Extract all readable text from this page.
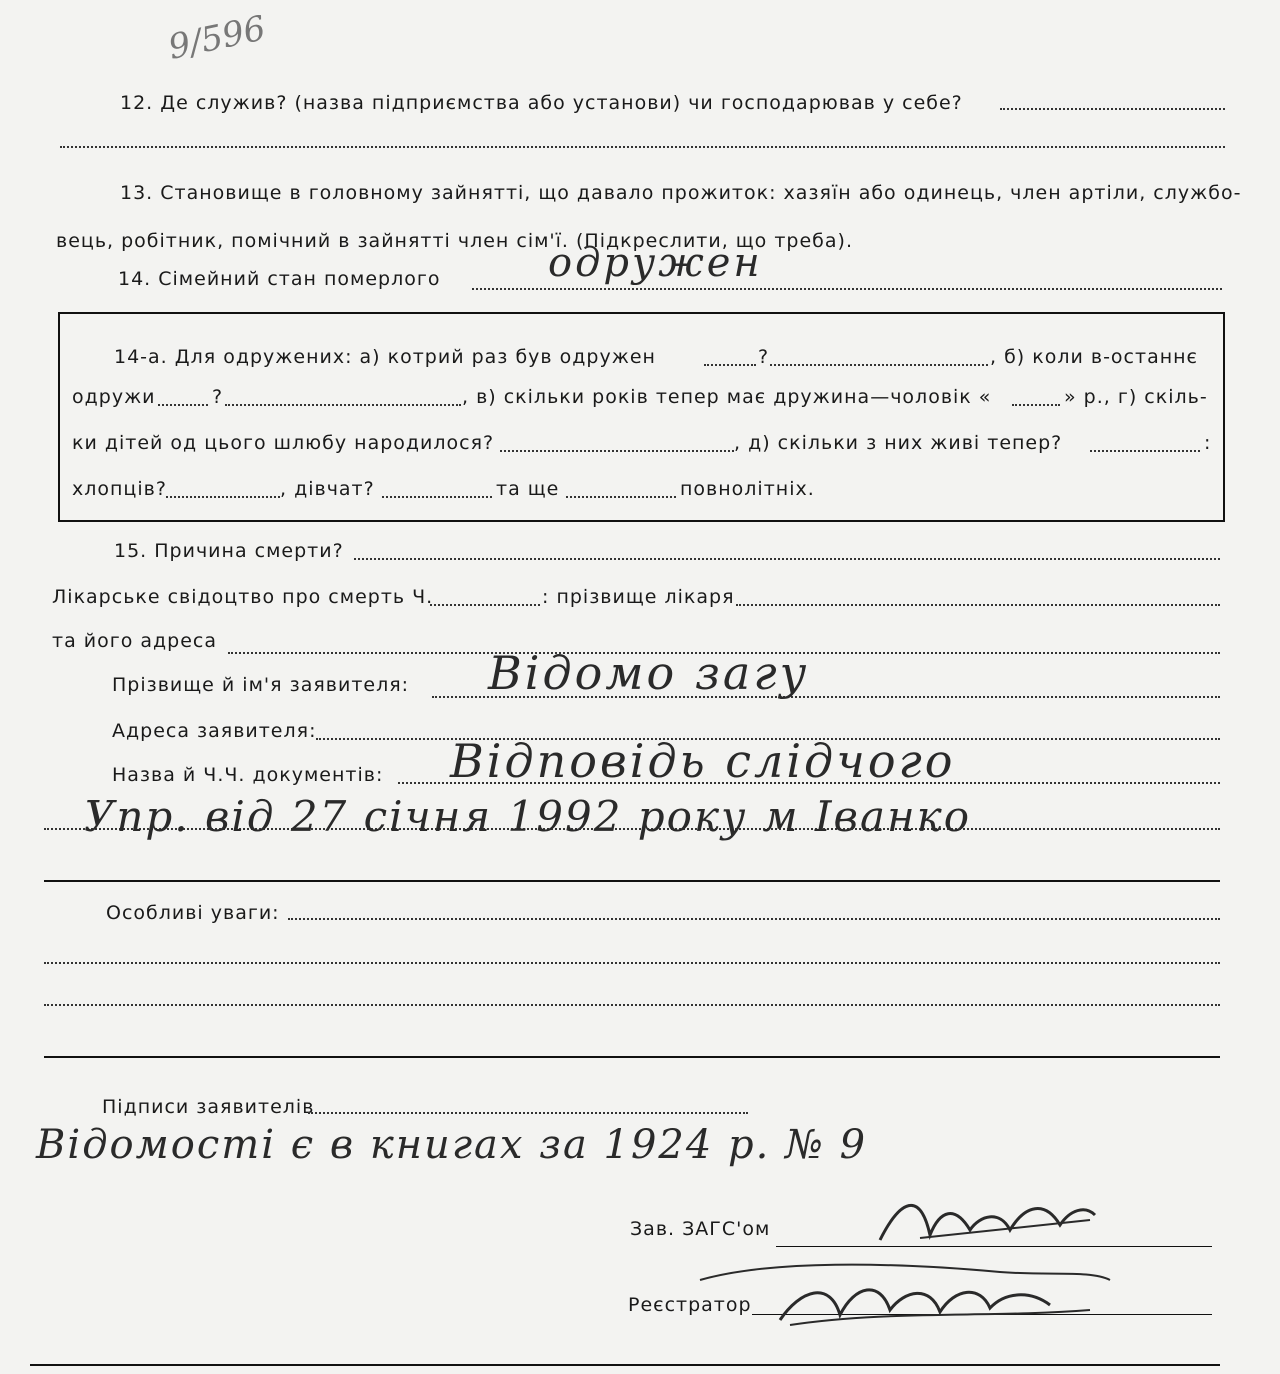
9/596
12. Де служив? (назва підприємства або установи) чи господарював у себе?
13. Становище в головному зайнятті, що давало прожиток: хазяїн або одинець, член артіли, службо-
вець, робітник, помічний в зайнятті член сім'ї. (Підкреслити, що треба).
14. Сімейний стан померлого	одружен
14-а. Для одружених: а) котрий раз був одружен	?	, б) коли в-останнє
одружи	?	, в) скільки років тепер має дружина—чоловік «	» р., г) скіль-
ки дітей од цього шлюбу народилося?	, д) скільки з них живі тепер?	:
хлопців?	, дівчат?	та ще	повнолітніх.
15. Причина смерти?
Лікарське свідоцтво про смерть Ч.	: прізвище лікаря
та його адреса
Прізвище й ім'я заявителя: Відомо загу
Адреса заявителя:
Назва й Ч.Ч. документів: Відповідь слідчого
Упр. від 27 січня 1992 року м Іванко
Особливі уваги:
Підписи заявителів
Відомості є в книгах за 1924 р. № 9
Зав. ЗАГС'ом
Реєстратор
